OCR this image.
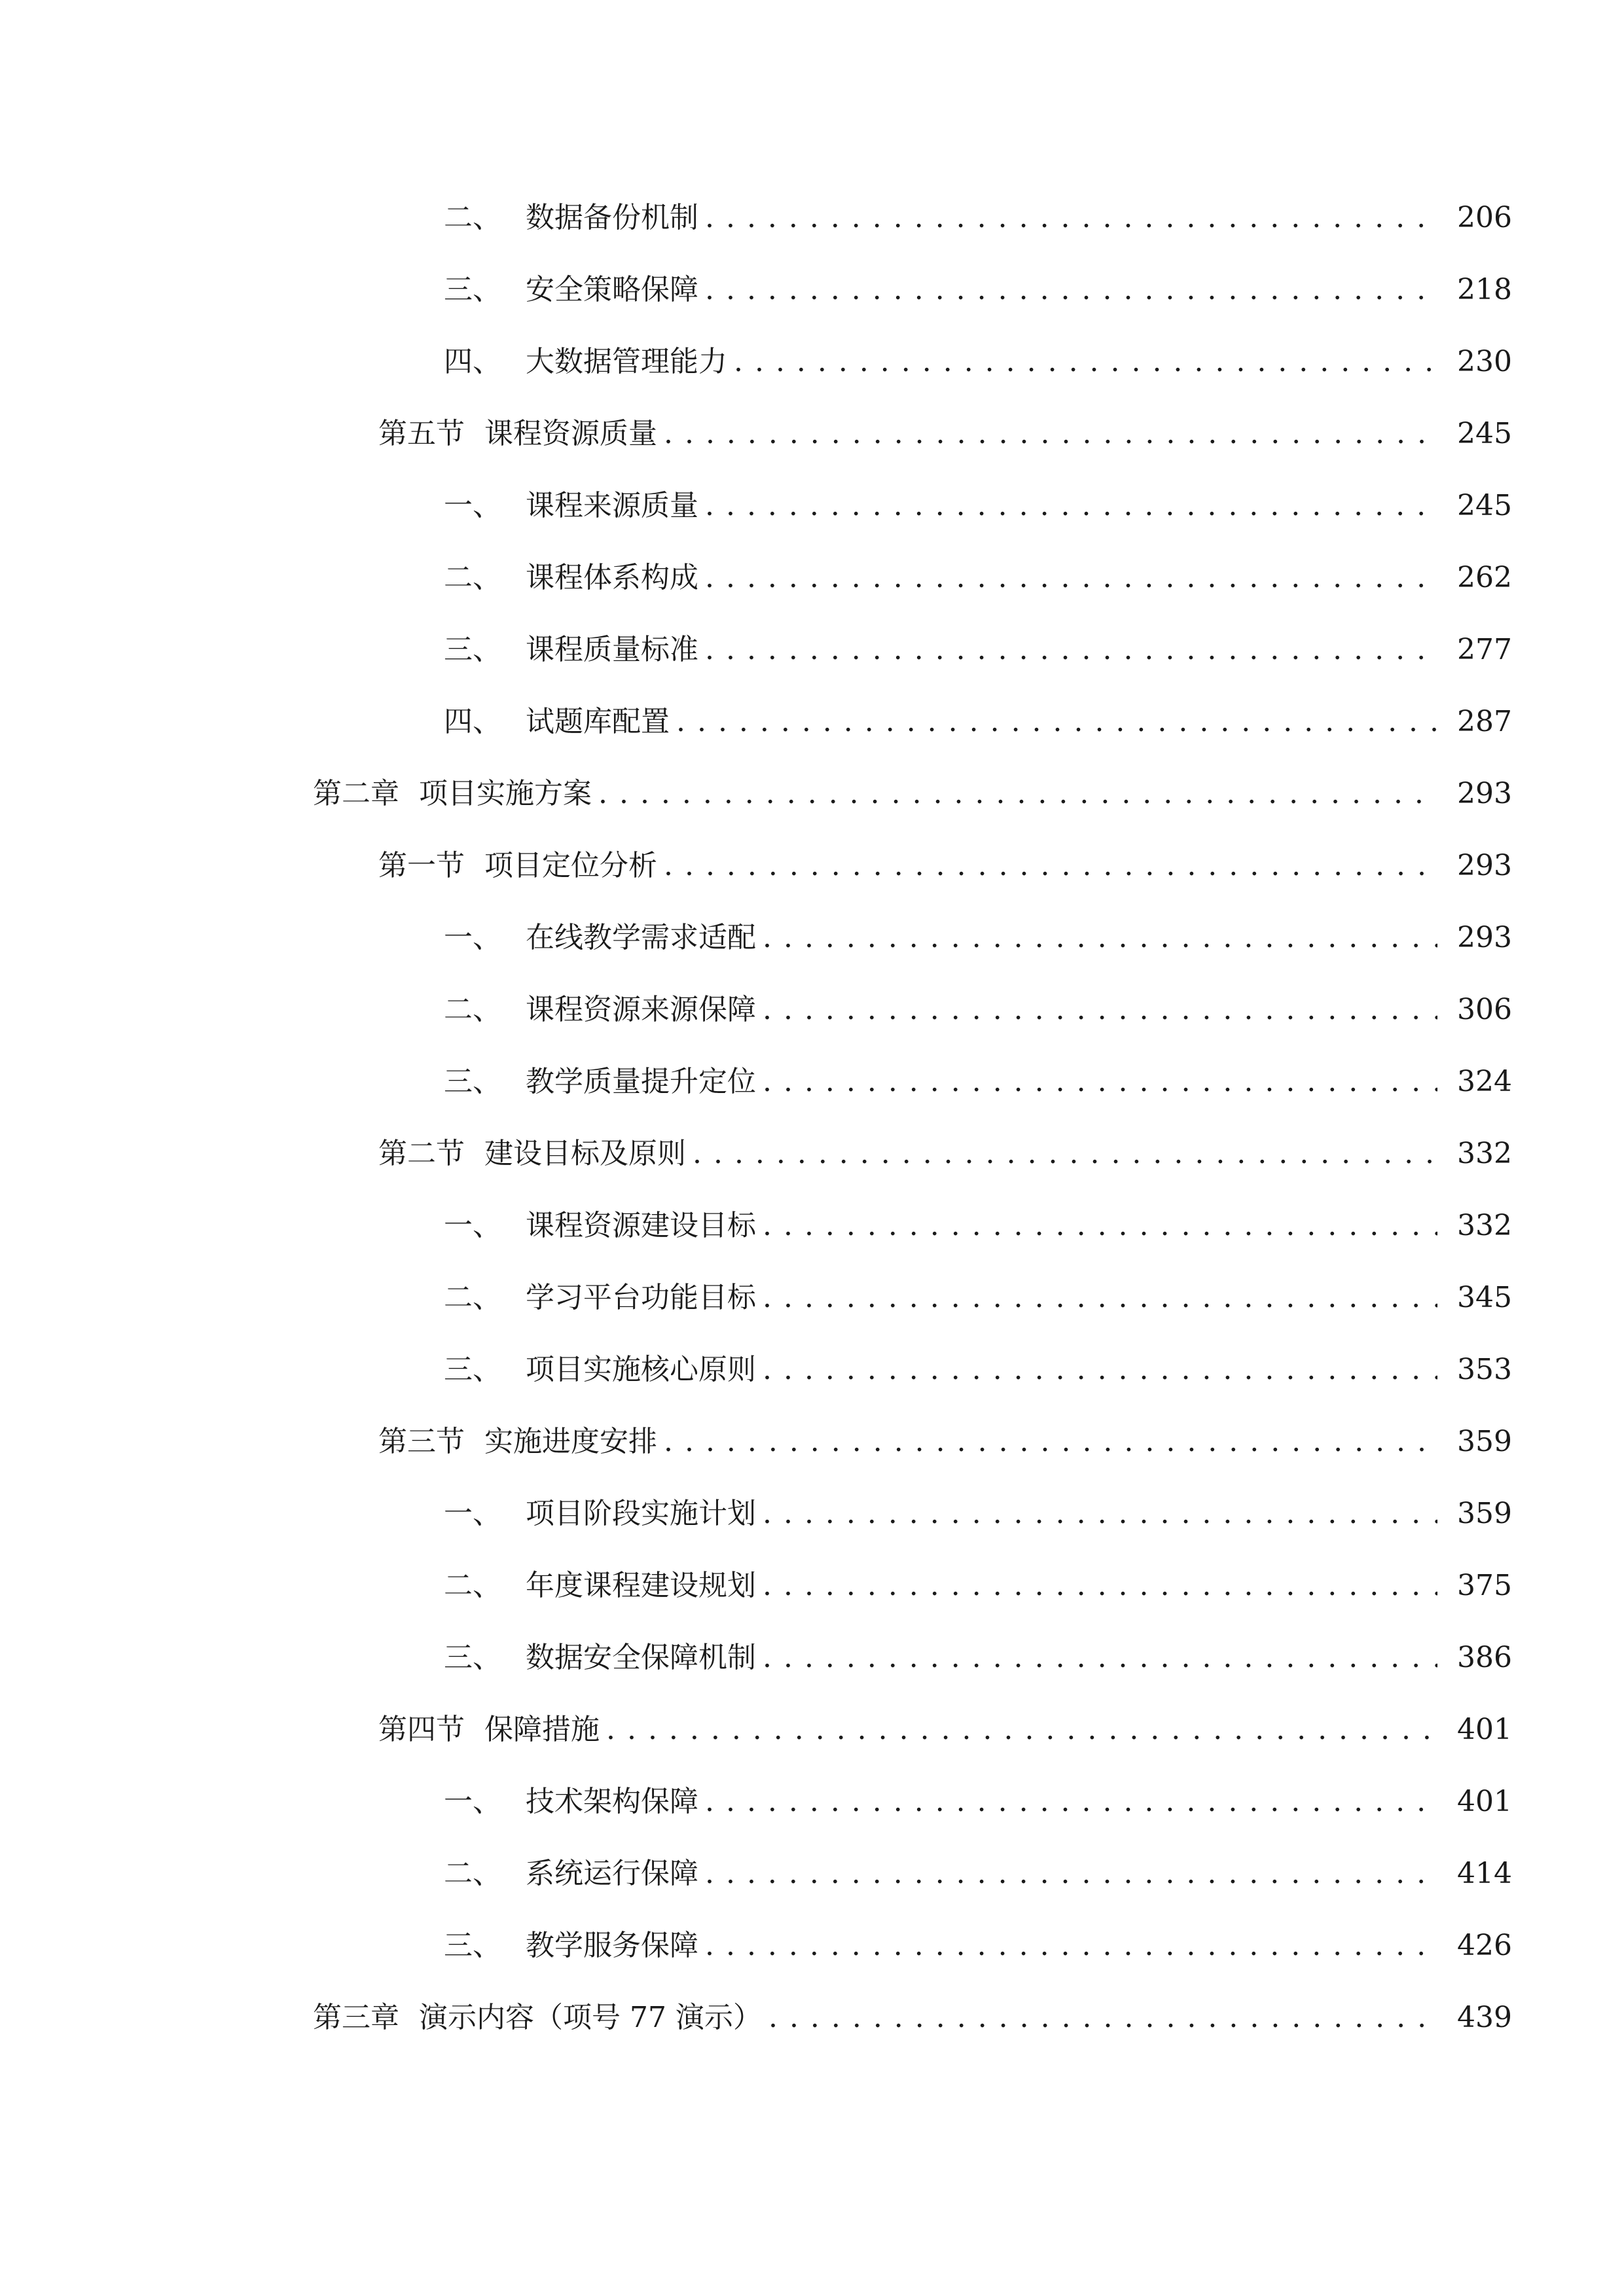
二、 数据备份机制 . . .	206
三、 安全策略保障 . . .	218
四、 大数据管理能力 . . .	230
第五节 课程资源质量 . . .	245
一、 课程来源质量 . . .	245
二、 课程体系构成 . . .	262
三、 课程质量标准 . . .	277
四、 试题库配置 . . .	287
第二章 项目实施方案 . . .	293
第一节 项目定位分析 . . .	293
一、 在线教学需求适配 . . .	293
二、 课程资源来源保障 . . .	306
三、 教学质量提升定位 . . .	324
第二节 建设目标及原则 . . .	332
一、 课程资源建设目标 . . .	332
二、 学习平台功能目标 . . .	345
三、 项目实施核心原则 . . .	353
第三节 实施进度安排 . . .	359
一、 项目阶段实施计划 . . .	359
二、 年度课程建设规划 . . .	375
三、 数据安全保障机制 . . .	386
第四节 保障措施 . . .	401
一、 技术架构保障 . . .	401
二、 系统运行保障 . . .	414
三、 教学服务保障 . . .	426
第三章 演示内容（项号 77 演示） . . .	439
